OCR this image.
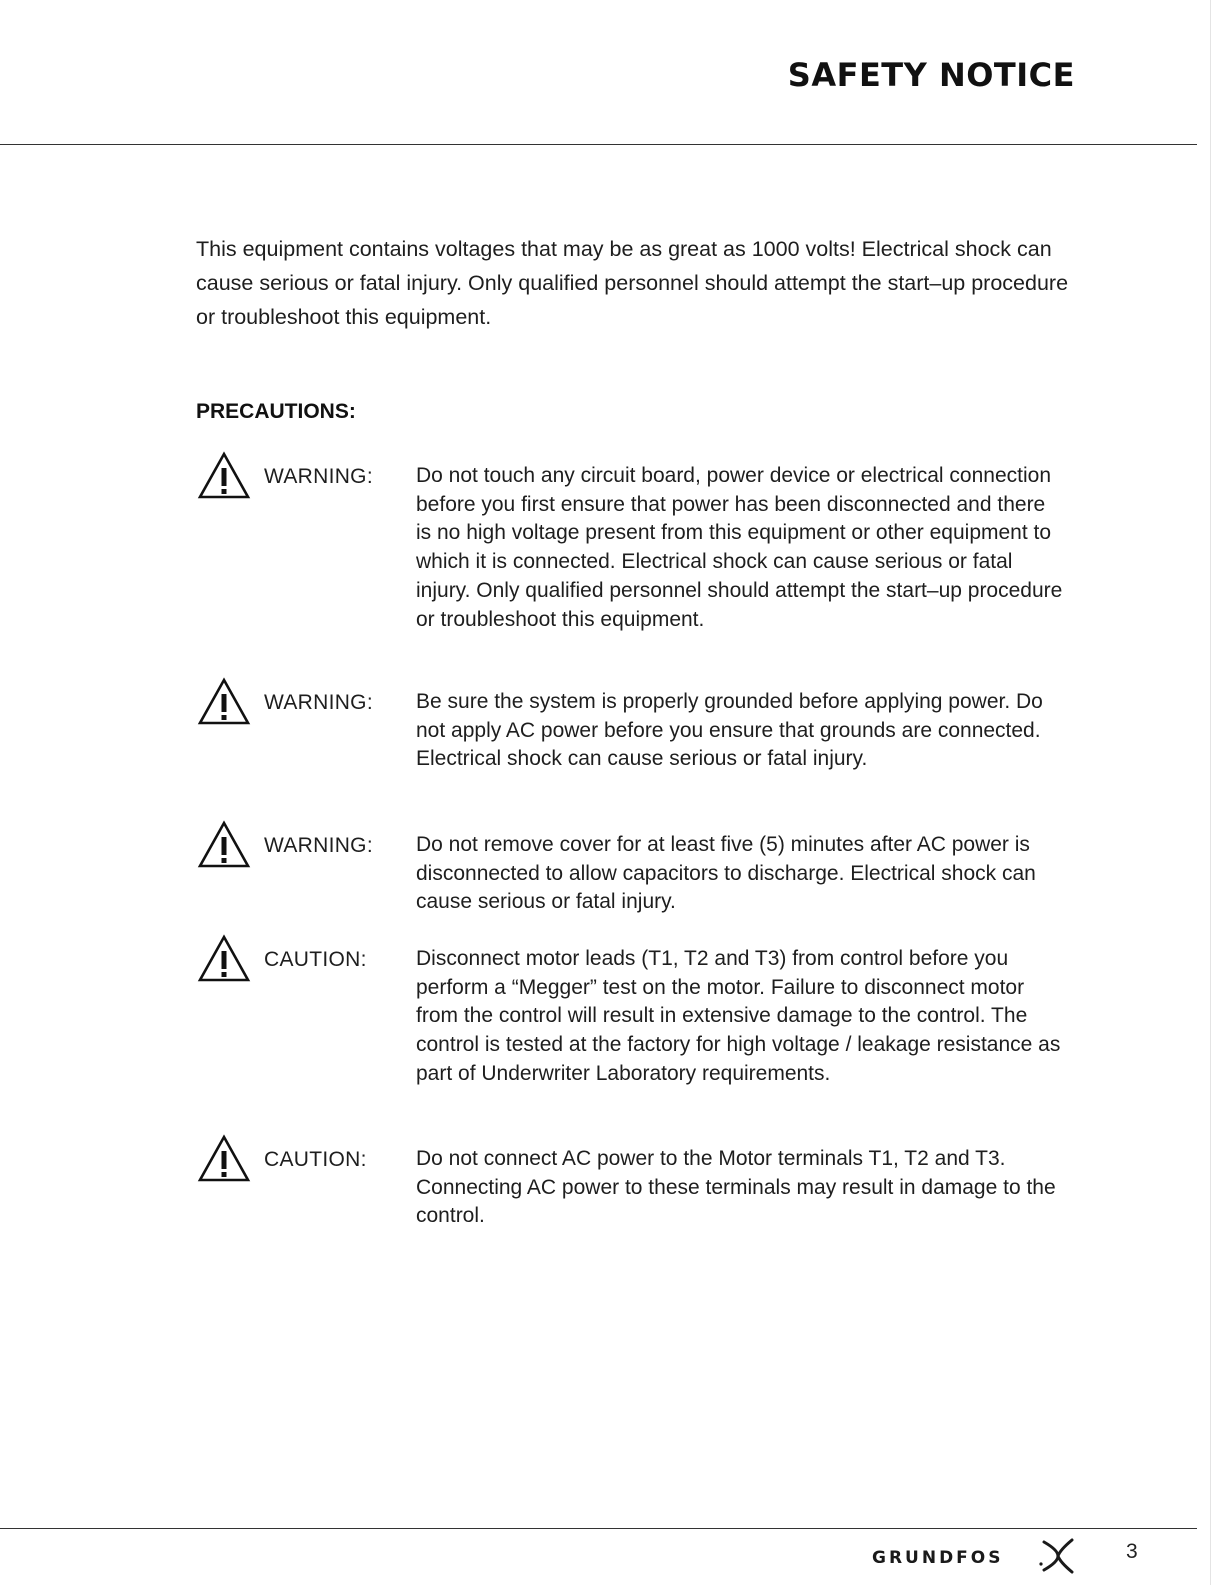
SAFETY NOTICE

This equipment contains voltages that may be as great as 1000 volts! Electrical shock can cause serious or fatal injury. Only qualified personnel should attempt the start–up procedure or troubleshoot this equipment.

PRECAUTIONS:
WARNING: Do not touch any circuit board, power device or electrical connection before you first ensure that power has been disconnected and there is no high voltage present from this equipment or other equipment to which it is connected. Electrical shock can cause serious or fatal injury. Only qualified personnel should attempt the start–up procedure or troubleshoot this equipment.

WARNING: Be sure the system is properly grounded before applying power. Do not apply AC power before you ensure that grounds are connected. Electrical shock can cause serious or fatal injury.

WARNING: Do not remove cover for at least five (5) minutes after AC power is disconnected to allow capacitors to discharge. Electrical shock can cause serious or fatal injury.

CAUTION: Disconnect motor leads (T1, T2 and T3) from control before you perform a “Megger” test on the motor. Failure to disconnect motor from the control will result in extensive damage to the control. The control is tested at the factory for high voltage / leakage resistance as part of Underwriter Laboratory requirements.

CAUTION: Do not connect AC power to the Motor terminals T1, T2 and T3. Connecting AC power to these terminals may result in damage to the control.

GRUNDFOS	3
